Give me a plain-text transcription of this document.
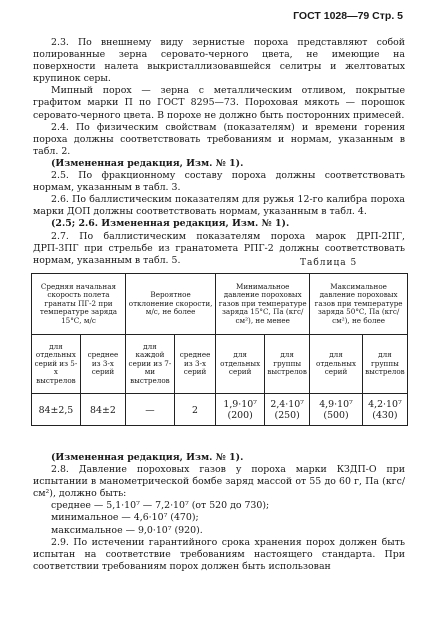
ГОСТ 1028—79 Стр. 5

2.3. По внешнему виду зернистые пороха представляют собой полированные зерна серовато-черного цвета, не имеющие на поверхности налета выкристаллизовавшейся селитры и желтоватых крупинок серы.

Мипный порох — зерна с металлическим отливом, покрытые графитом марки П по ГОСТ 8295—73. Пороховая мякоть — порошок серовато-черного цвета. В порохе не должно быть посторонних примесей.

2.4. По физическим свойствам (показателям) и времени горения пороха должны соответствовать требованиям и нормам, указанным в табл. 2.

(Измененная редакция, Изм. № 1).

2.5. По фракционному составу пороха должны соответствовать нормам, указанным в табл. 3.

2.6. По баллистическим показателям для ружья 12-го калибра пороха марки ДОП должны соответствовать нормам, указанным в табл. 4.

(2.5; 2.6. Измененная редакция, Изм. № 1).

2.7. По баллистическим показателям пороха марок ДРП-2ПГ, ДРП-3ПГ при стрельбе из гранатомета РПГ-2 должны соответствовать нормам, указанным в табл. 5.	Таблица 5
Средняя начальная скорость полета гранаты ПГ-2 при температуре заряда 15°С, м/с		Вероятное отклонение скорости, м/с, не более		Минимальное давление пороховых газов при температуре заряда 15°С, Па (кгс/см²), не менее		Максимальное давление пороховых газов при температуре заряда 50°С, Па (кгс/см²), не более	
для отдельных серий из 5-х выстрелов	среднее из 3-х серий	для каждой серии из 7-ми выстрелов	среднее из 3-х серий	для отдельных серий	для группы выстрелов	для отдельных серий	для группы выстрелов
84±2,5	84±2	—	2	1,9·10⁷ (200)	2,4·10⁷ (250)	4,9·10⁷ (500)	4,2·10⁷ (430)

(Измененная редакция, Изм. № 1).

2.8. Давление пороховых газов у пороха марки КЗДП-О при испытании в манометрической бомбе заряд массой от 55 до 60 г, Па (кгс/см²), должно быть:

среднее — 5,1·10⁷ — 7,2·10⁷ (от 520 до 730);

минимальное — 4,6·10⁷ (470);

максимальное — 9,0·10⁷ (920).

2.9. По истечении гарантийного срока хранения порох должен быть испытан на соответствие требованиям настоящего стандарта. При соответствии требованиям порох должен быть использован
